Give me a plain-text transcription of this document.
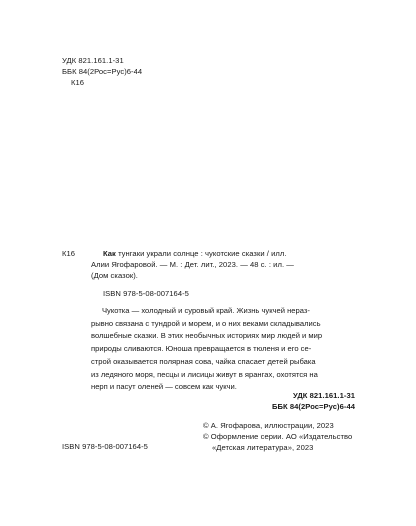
УДК 821.161.1-31
ББК 84(2Рос=Рус)6-44
К16
К16	Как тунгаки украли солнце : чукотские сказки / илл.
Алии Ягофаровой. — М. : Дет. лит., 2023. — 48 с. : ил. —
(Дом сказок).
ISBN 978-5-08-007164-5
Чукотка — холодный и суровый край. Жизнь чукчей нераз-
рывно связана с тундрой и морем, и о них веками складывались
волшебные сказки. В этих необычных историях мир людей и мир
природы сливаются. Юноша превращается в тюленя и его се-
строй оказывается полярная сова, чайка спасает детей рыбака
из ледяного моря, песцы и лисицы живут в ярангах, охотятся на
нерп и пасут оленей — совсем как чукчи.
УДК 821.161.1-31
ББК 84(2Рос=Рус)6-44
ISBN 978-5-08-007164-5
© А. Ягофарова, иллюстрации, 2023
© Оформление серии. АО «Издательство
«Детская литература», 2023
